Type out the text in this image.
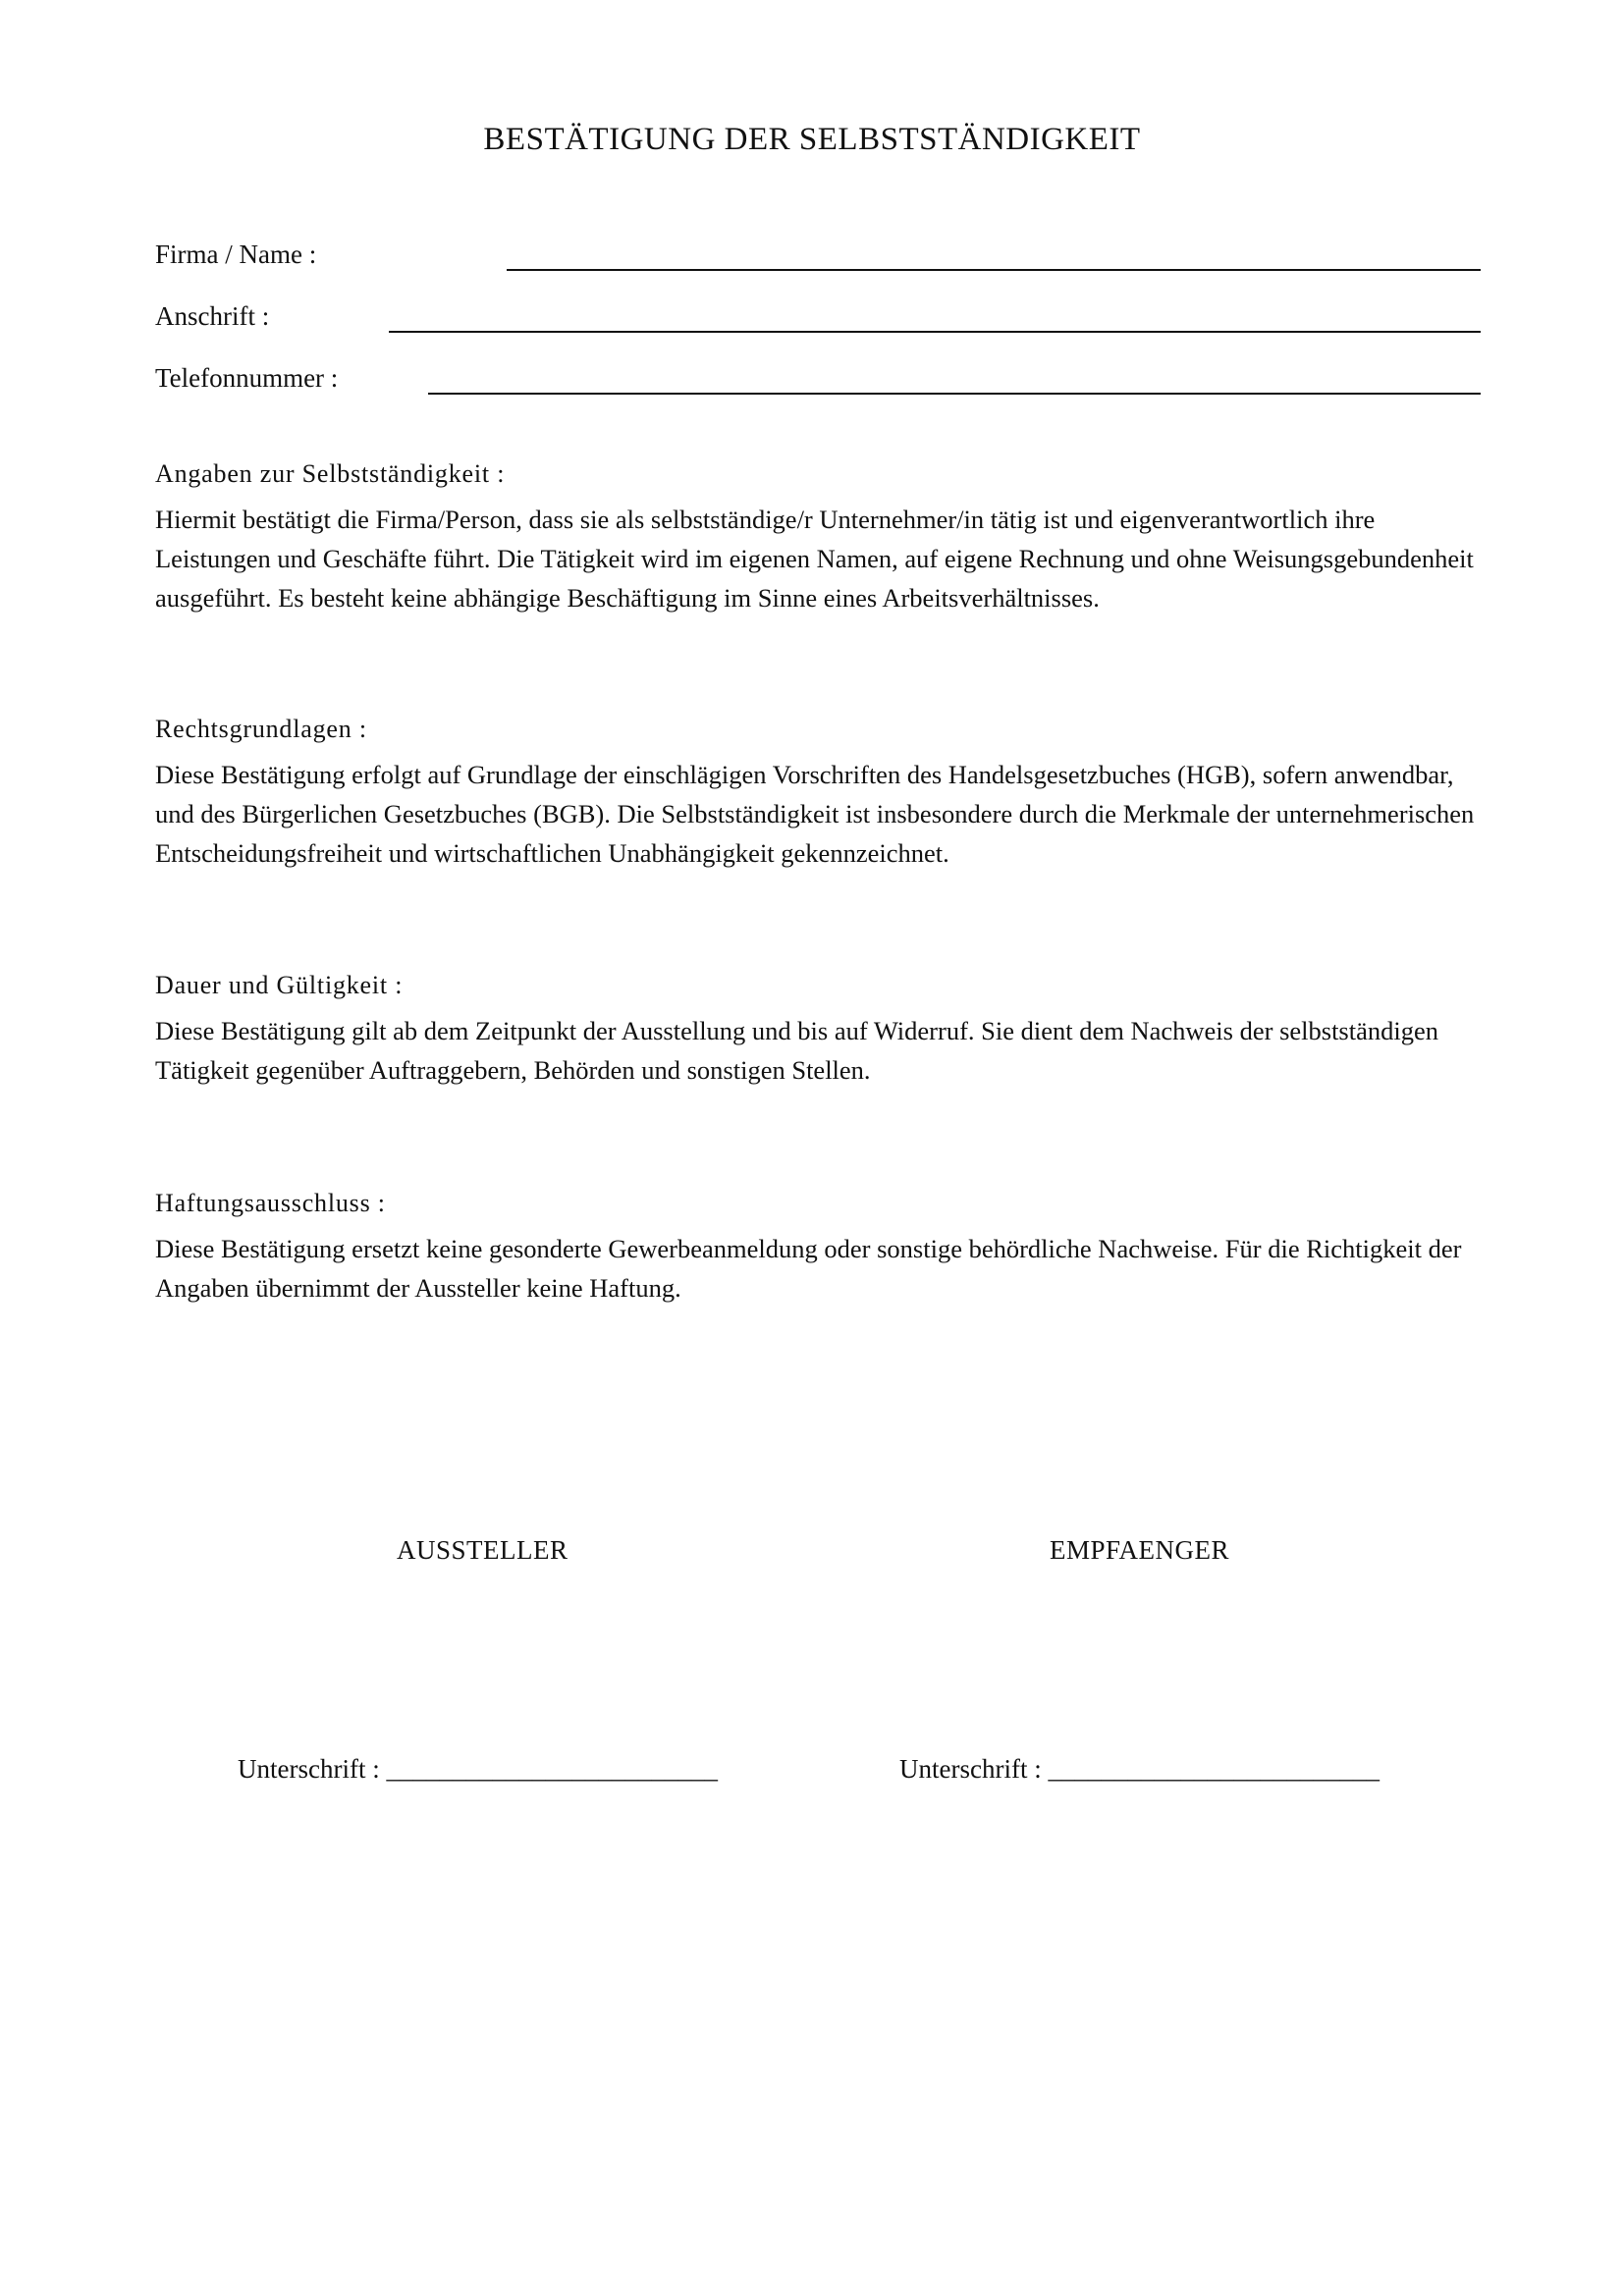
BESTÄTIGUNG DER SELBSTSTÄNDIGKEIT
Firma / Name :
Anschrift :
Telefonnummer :
Angaben zur Selbstständigkeit :
Hiermit bestätigt die Firma/Person, dass sie als selbstständige/r Unternehmer/in tätig ist und eigenverantwortlich ihre Leistungen und Geschäfte führt. Die Tätigkeit wird im eigenen Namen, auf eigene Rechnung und ohne Weisungsgebundenheit ausgeführt. Es besteht keine abhängige Beschäftigung im Sinne eines Arbeitsverhältnisses.
Rechtsgrundlagen :
Diese Bestätigung erfolgt auf Grundlage der einschlägigen Vorschriften des Handelsgesetzbuches (HGB), sofern anwendbar, und des Bürgerlichen Gesetzbuches (BGB). Die Selbstständigkeit ist insbesondere durch die Merkmale der unternehmerischen Entscheidungsfreiheit und wirtschaftlichen Unabhängigkeit gekennzeichnet.
Dauer und Gültigkeit :
Diese Bestätigung gilt ab dem Zeitpunkt der Ausstellung und bis auf Widerruf. Sie dient dem Nachweis der selbstständigen Tätigkeit gegenüber Auftraggebern, Behörden und sonstigen Stellen.
Haftungsausschluss :
Diese Bestätigung ersetzt keine gesonderte Gewerbeanmeldung oder sonstige behördliche Nachweise. Für die Richtigkeit der Angaben übernimmt der Aussteller keine Haftung.
AUSSTELLER	EMPFAENGER
Unterschrift : _________________________	Unterschrift : _________________________
